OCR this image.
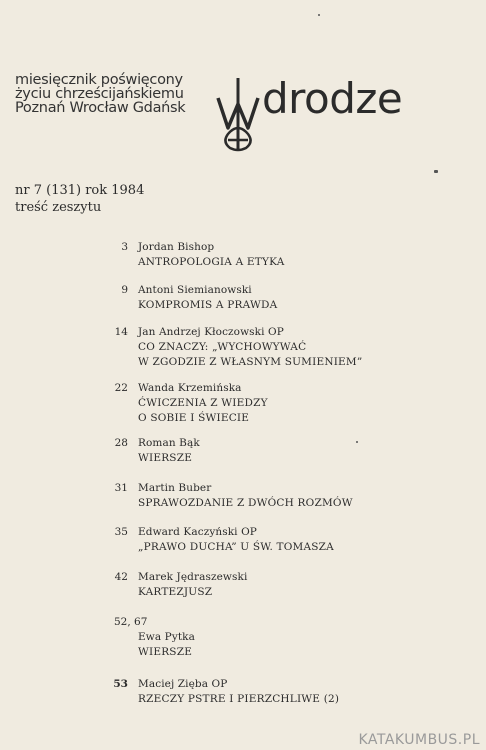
miesięcznik poświęcony
życiu chrześcijańskiemu
Poznań Wrocław Gdańsk drodze
nr 7 (131) rok 1984
treść zeszytu
3 Jordan Bishop
ANTROPOLOGIA A ETYKA
9 Antoni Siemianowski
KOMPROMIS A PRAWDA
14 Jan Andrzej Kłoczowski OP
CO ZNACZY: „WYCHOWYWAĆ
W ZGODZIE Z WŁASNYM SUMIENIEM”
22 Wanda Krzemińska
ĆWICZENIA Z WIEDZY
O SOBIE I ŚWIECIE
28 Roman Bąk
WIERSZE
31 Martin Buber
SPRAWOZDANIE Z DWÓCH ROZMÓW
35 Edward Kaczyński OP
„PRAWO DUCHA” U ŚW. TOMASZA
42 Marek Jędraszewski
KARTEZJUSZ
52, 67
Ewa Pytka
WIERSZE
53 Maciej Zięba OP
RZECZY PSTRE I PIERZCHLIWE (2)
KATAKUMBUS.PL
